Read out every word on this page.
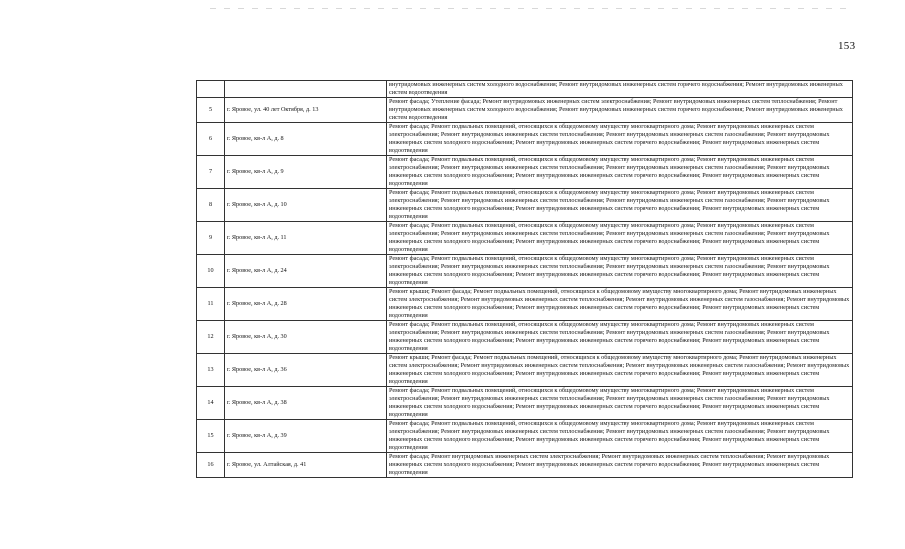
153
		внутридомовых инженерных систем холодного водоснабжения; Ремонт внутридомовых инженерных систем горячего водоснабжения; Ремонт внутридомовых инженерных систем водоотведения
5	г. Яровое, ул. 40 лет Октября, д. 13	Ремонт фасада; Утепление фасада; Ремонт внутридомовых инженерных систем электроснабжения; Ремонт внутридомовых инженерных систем теплоснабжения; Ремонт внутридомовых инженерных систем холодного водоснабжения; Ремонт внутридомовых инженерных систем горячего водоснабжения; Ремонт внутридомовых инженерных систем водоотведения
6	г. Яровое, кв-л А, д. 8	Ремонт фасада; Ремонт подвальных помещений, относящихся к общедомовому имуществу многоквартирного дома; Ремонт внутридомовых инженерных систем электроснабжения; Ремонт внутридомовых инженерных систем теплоснабжения; Ремонт внутридомовых инженерных систем газоснабжения; Ремонт внутридомовых инженерных систем холодного водоснабжения; Ремонт внутридомовых инженерных систем горячего водоснабжения; Ремонт внутридомовых инженерных систем водоотведения
7	г. Яровое, кв-л А, д. 9	Ремонт фасада; Ремонт подвальных помещений, относящихся к общедомовому имуществу многоквартирного дома; Ремонт внутридомовых инженерных систем электроснабжения; Ремонт внутридомовых инженерных систем теплоснабжения; Ремонт внутридомовых инженерных систем газоснабжения; Ремонт внутридомовых инженерных систем холодного водоснабжения; Ремонт внутридомовых инженерных систем горячего водоснабжения; Ремонт внутридомовых инженерных систем водоотведения
8	г. Яровое, кв-л А, д. 10	Ремонт фасада; Ремонт подвальных помещений, относящихся к общедомовому имуществу многоквартирного дома; Ремонт внутридомовых инженерных систем электроснабжения; Ремонт внутридомовых инженерных систем теплоснабжения; Ремонт внутридомовых инженерных систем газоснабжения; Ремонт внутридомовых инженерных систем холодного водоснабжения; Ремонт внутридомовых инженерных систем горячего водоснабжения; Ремонт внутридомовых инженерных систем водоотведения
9	г. Яровое, кв-л А, д. 11	Ремонт фасада; Ремонт подвальных помещений, относящихся к общедомовому имуществу многоквартирного дома; Ремонт внутридомовых инженерных систем электроснабжения; Ремонт внутридомовых инженерных систем теплоснабжения; Ремонт внутридомовых инженерных систем газоснабжения; Ремонт внутридомовых инженерных систем холодного водоснабжения; Ремонт внутридомовых инженерных систем горячего водоснабжения; Ремонт внутридомовых инженерных систем водоотведения
10	г. Яровое, кв-л А, д. 24	Ремонт фасада; Ремонт подвальных помещений, относящихся к общедомовому имуществу многоквартирного дома; Ремонт внутридомовых инженерных систем электроснабжения; Ремонт внутридомовых инженерных систем теплоснабжения; Ремонт внутридомовых инженерных систем газоснабжения; Ремонт внутридомовых инженерных систем холодного водоснабжения; Ремонт внутридомовых инженерных систем горячего водоснабжения; Ремонт внутридомовых инженерных систем водоотведения
11	г. Яровое, кв-л А, д. 28	Ремонт крыши; Ремонт фасада; Ремонт подвальных помещений, относящихся к общедомовому имуществу многоквартирного дома; Ремонт внутридомовых инженерных систем электроснабжения; Ремонт внутридомовых инженерных систем теплоснабжения; Ремонт внутридомовых инженерных систем газоснабжения; Ремонт внутридомовых инженерных систем холодного водоснабжения; Ремонт внутридомовых инженерных систем горячего водоснабжения; Ремонт внутридомовых инженерных систем водоотведения
12	г. Яровое, кв-л А, д. 30	Ремонт фасада; Ремонт подвальных помещений, относящихся к общедомовому имуществу многоквартирного дома; Ремонт внутридомовых инженерных систем электроснабжения; Ремонт внутридомовых инженерных систем теплоснабжения; Ремонт внутридомовых инженерных систем газоснабжения; Ремонт внутридомовых инженерных систем холодного водоснабжения; Ремонт внутридомовых инженерных систем горячего водоснабжения; Ремонт внутридомовых инженерных систем водоотведения
13	г. Яровое, кв-л А, д. 36	Ремонт крыши; Ремонт фасада; Ремонт подвальных помещений, относящихся к общедомовому имуществу многоквартирного дома; Ремонт внутридомовых инженерных систем электроснабжения; Ремонт внутридомовых инженерных систем теплоснабжения; Ремонт внутридомовых инженерных систем газоснабжения; Ремонт внутридомовых инженерных систем холодного водоснабжения; Ремонт внутридомовых инженерных систем горячего водоснабжения; Ремонт внутридомовых инженерных систем водоотведения
14	г. Яровое, кв-л А, д. 38	Ремонт фасада; Ремонт подвальных помещений, относящихся к общедомовому имуществу многоквартирного дома; Ремонт внутридомовых инженерных систем электроснабжения; Ремонт внутридомовых инженерных систем теплоснабжения; Ремонт внутридомовых инженерных систем газоснабжения; Ремонт внутридомовых инженерных систем холодного водоснабжения; Ремонт внутридомовых инженерных систем горячего водоснабжения; Ремонт внутридомовых инженерных систем водоотведения
15	г. Яровое, кв-л А, д. 39	Ремонт фасада; Ремонт подвальных помещений, относящихся к общедомовому имуществу многоквартирного дома; Ремонт внутридомовых инженерных систем электроснабжения; Ремонт внутридомовых инженерных систем теплоснабжения; Ремонт внутридомовых инженерных систем газоснабжения; Ремонт внутридомовых инженерных систем холодного водоснабжения; Ремонт внутридомовых инженерных систем горячего водоснабжения; Ремонт внутридомовых инженерных систем водоотведения
16	г. Яровое, ул. Алтайская, д. 41	Ремонт фасада; Ремонт внутридомовых инженерных систем электроснабжения; Ремонт внутридомовых инженерных систем теплоснабжения; Ремонт внутридомовых инженерных систем холодного водоснабжения; Ремонт внутридомовых инженерных систем горячего водоснабжения; Ремонт внутридомовых инженерных систем водоотведения
